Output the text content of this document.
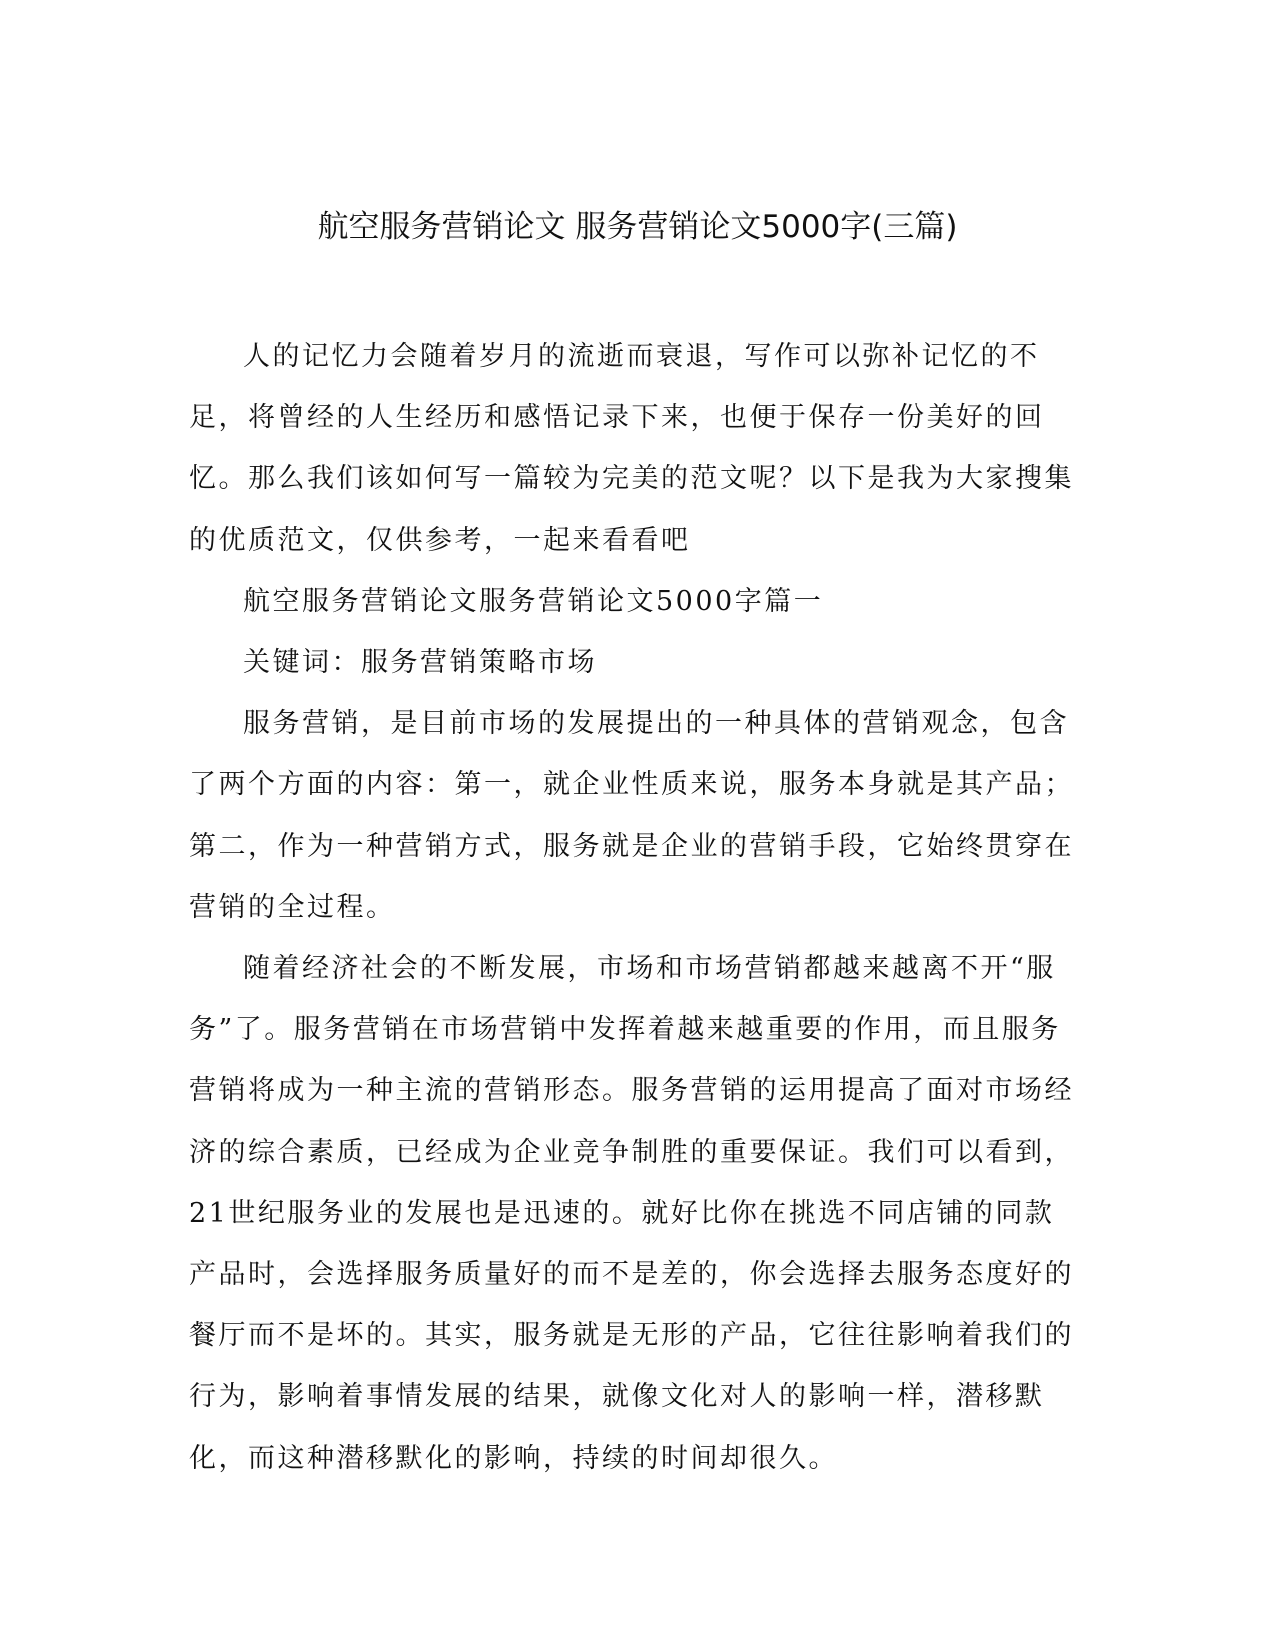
航空服务营销论文 服务营销论文5000字(三篇)

人的记忆力会随着岁月的流逝而衰退，写作可以弥补记忆的不足，将曾经的人生经历和感悟记录下来，也便于保存一份美好的回忆。那么我们该如何写一篇较为完美的范文呢？以下是我为大家搜集的优质范文，仅供参考，一起来看看吧

航空服务营销论文服务营销论文5000字篇一

关键词：服务营销策略市场

服务营销，是目前市场的发展提出的一种具体的营销观念，包含了两个方面的内容：第一，就企业性质来说，服务本身就是其产品；第二，作为一种营销方式，服务就是企业的营销手段，它始终贯穿在营销的全过程。

随着经济社会的不断发展，市场和市场营销都越来越离不开“服务”了。服务营销在市场营销中发挥着越来越重要的作用，而且服务营销将成为一种主流的营销形态。服务营销的运用提高了面对市场经济的综合素质，已经成为企业竞争制胜的重要保证。我们可以看到，21世纪服务业的发展也是迅速的。就好比你在挑选不同店铺的同款产品时，会选择服务质量好的而不是差的，你会选择去服务态度好的餐厅而不是坏的。其实，服务就是无形的产品，它往往影响着我们的行为，影响着事情发展的结果，就像文化对人的影响一样，潜移默化，而这种潜移默化的影响，持续的时间却很久。
